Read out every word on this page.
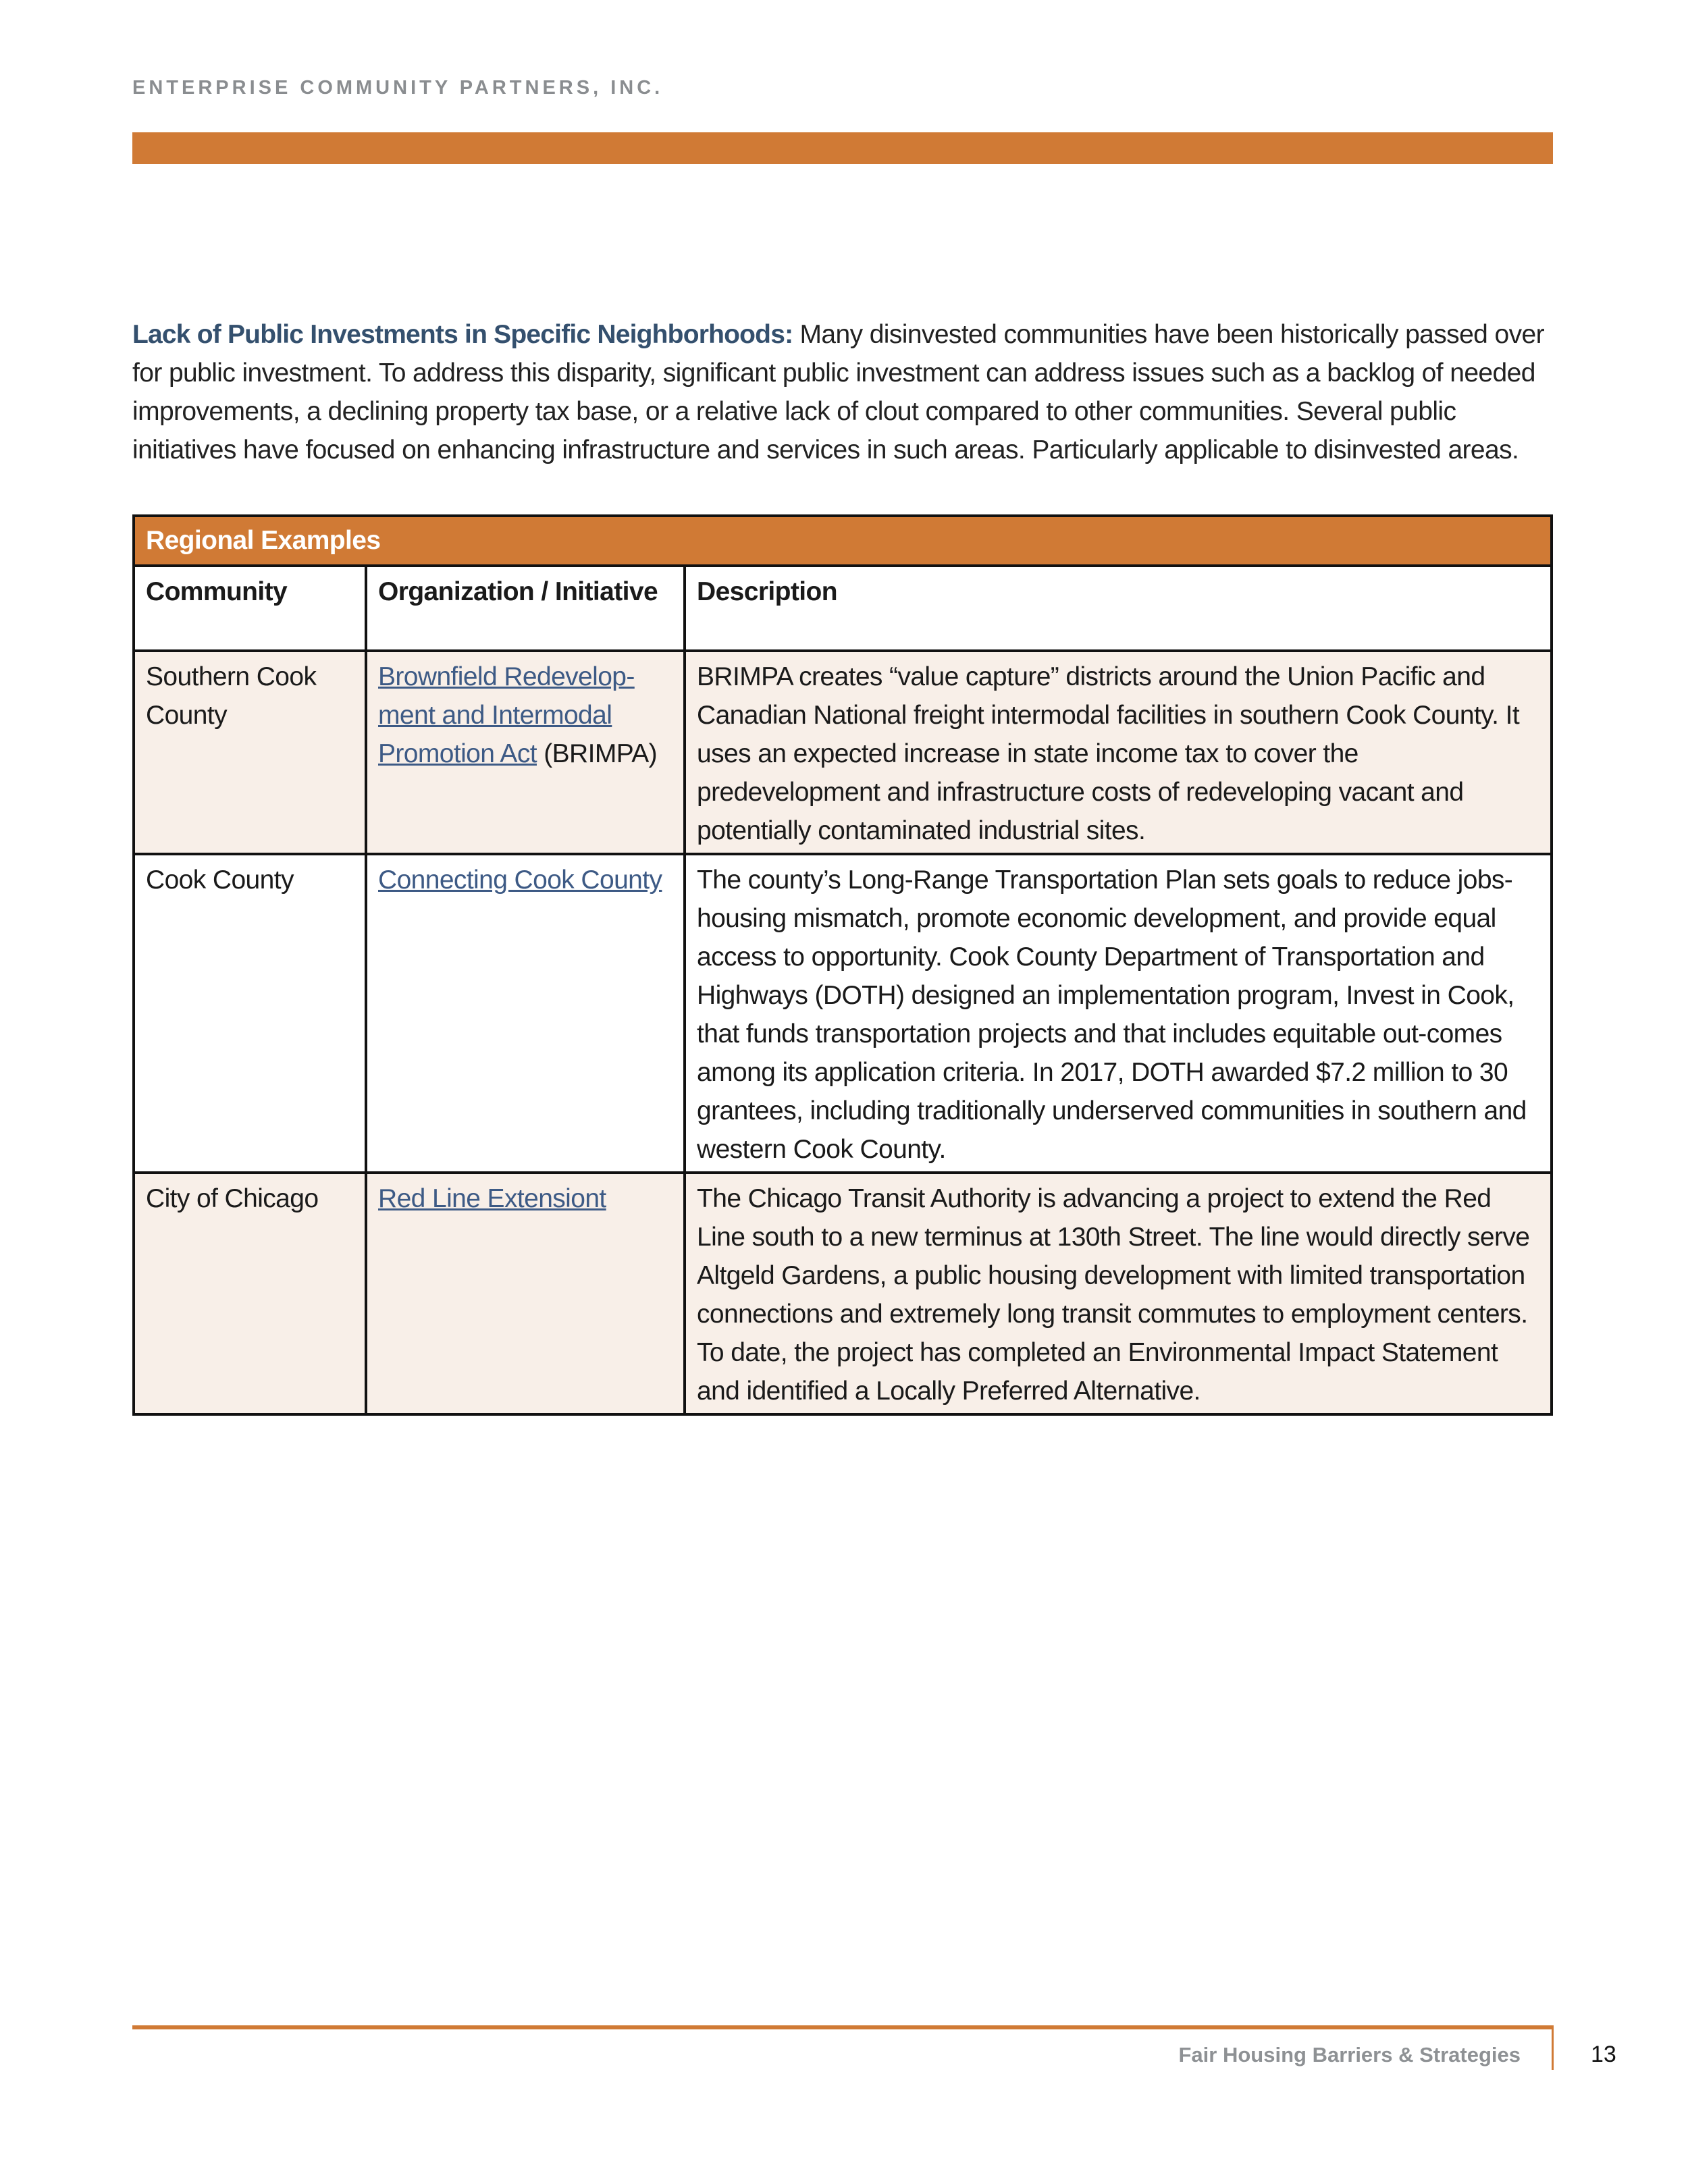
ENTERPRISE COMMUNITY PARTNERS, INC.

Lack of Public Investments in Specific Neighborhoods: Many disinvested communities have been historically passed over for public investment. To address this disparity, significant public investment can address issues such as a backlog of needed improvements, a declining property tax base, or a relative lack of clout compared to other communities. Several public initiatives have focused on enhancing infrastructure and services in such areas. Particularly applicable to disinvested areas.

Regional Examples		
Community	Organization / Initiative	Description
Southern Cook County	Brownfield Redevelop-ment and Intermodal Promotion Act (BRIMPA)	BRIMPA creates “value capture” districts around the Union Pacific and Canadian National freight intermodal facilities in southern Cook County. It uses an expected increase in state income tax to cover the predevelopment and infrastructure costs of redeveloping vacant and potentially contaminated industrial sites.
Cook County	Connecting Cook County	The county’s Long-Range Transportation Plan sets goals to reduce jobs-housing mismatch, promote economic development, and provide equal access to opportunity. Cook County Department of Transportation and Highways (DOTH) designed an implementation program, Invest in Cook, that funds transportation projects and that includes equitable out-comes among its application criteria. In 2017, DOTH awarded $7.2 million to 30 grantees, including traditionally underserved communities in southern and western Cook County.
City of Chicago	Red Line Extensiont	The Chicago Transit Authority is advancing a project to extend the Red Line south to a new terminus at 130th Street. The line would directly serve Altgeld Gardens, a public housing development with limited transportation connections and extremely long transit commutes to employment centers. To date, the project has completed an Environmental Impact Statement and identified a Locally Preferred Alternative.
Fair Housing Barriers & Strategies	13
